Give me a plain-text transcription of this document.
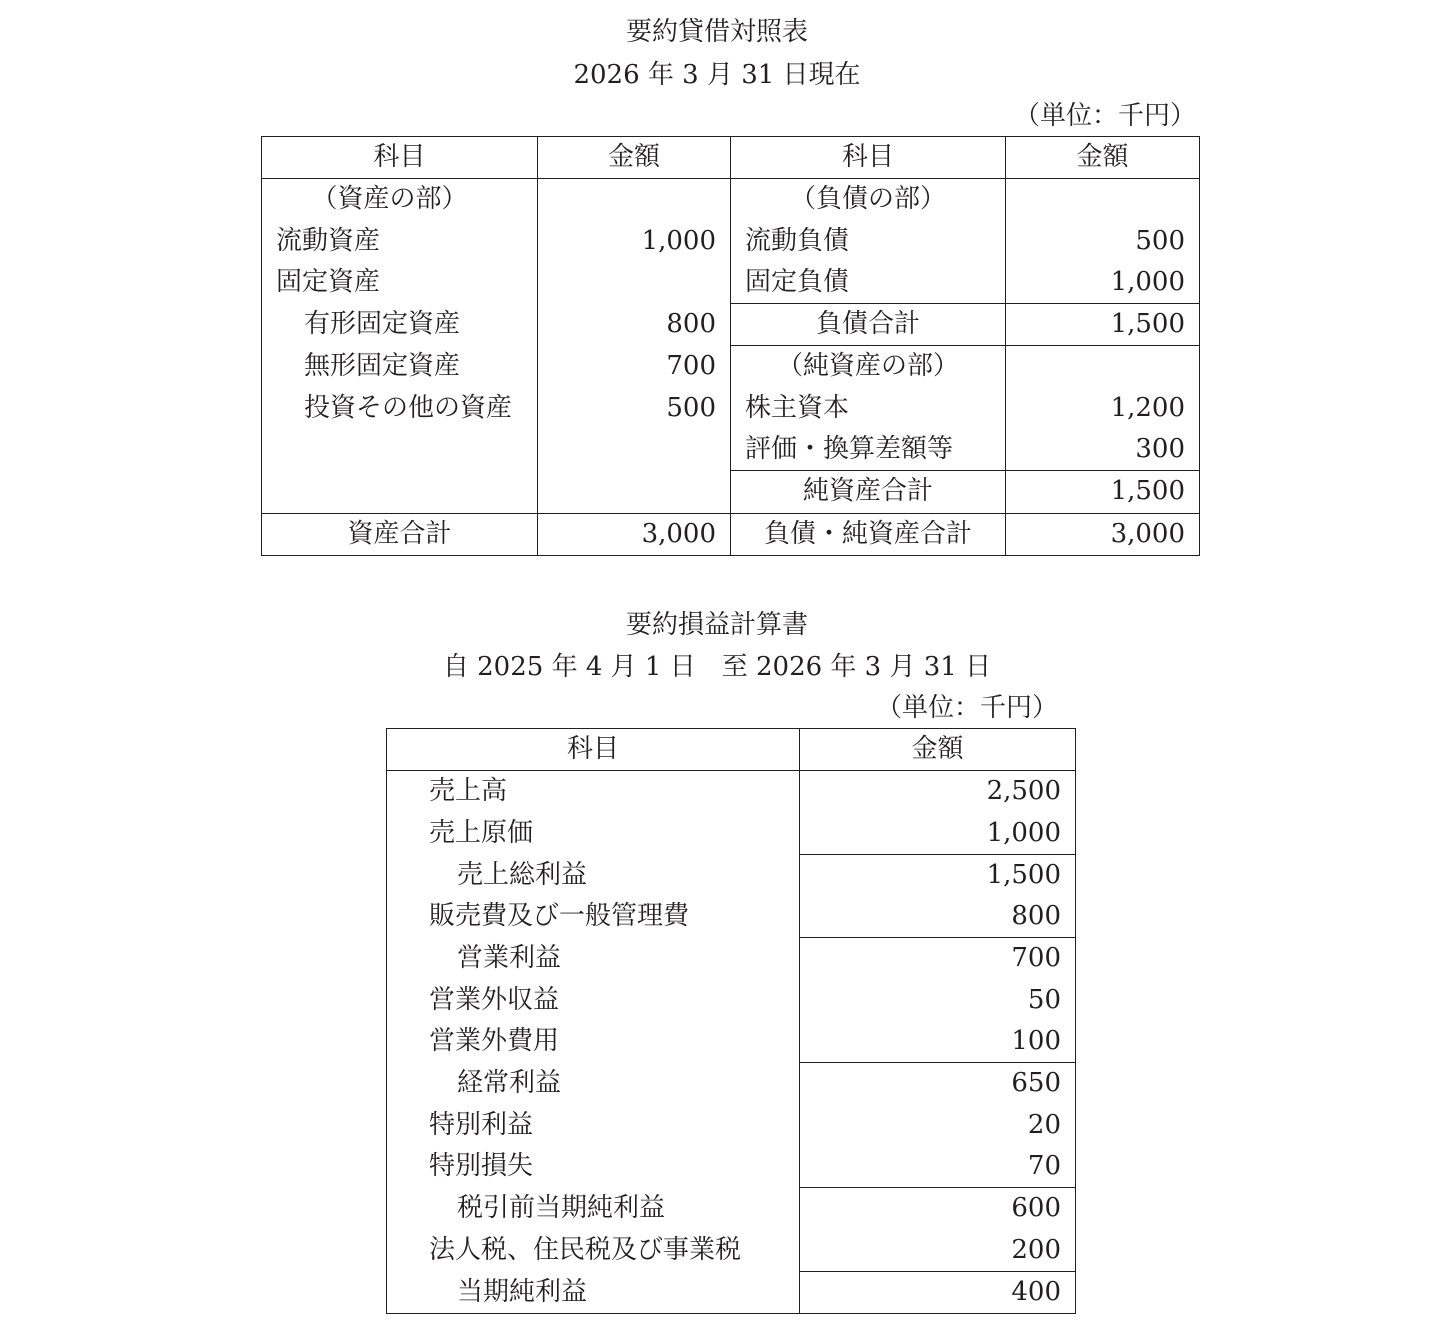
要約貸借対照表
2026 年 3 月 31 日現在
（単位：千円）
科目	金額	科目	金額
（資産の部）		（負債の部）	
流動資産	1,000	流動負債	500
固定資産		固定負債	1,000
有形固定資産	800	負債合計	1,500
無形固定資産	700	（純資産の部）	
投資その他の資産	500	株主資本	1,200
		評価・換算差額等	300
		純資産合計	1,500
資産合計	3,000	負債・純資産合計	3,000
要約損益計算書
自 2025 年 4 月 1 日　至 2026 年 3 月 31 日
（単位：千円）
科目	金額
売上高	2,500
売上原価	1,000
売上総利益	1,500
販売費及び一般管理費	800
営業利益	700
営業外収益	50
営業外費用	100
経常利益	650
特別利益	20
特別損失	70
税引前当期純利益	600
法人税、住民税及び事業税	200
当期純利益	400
